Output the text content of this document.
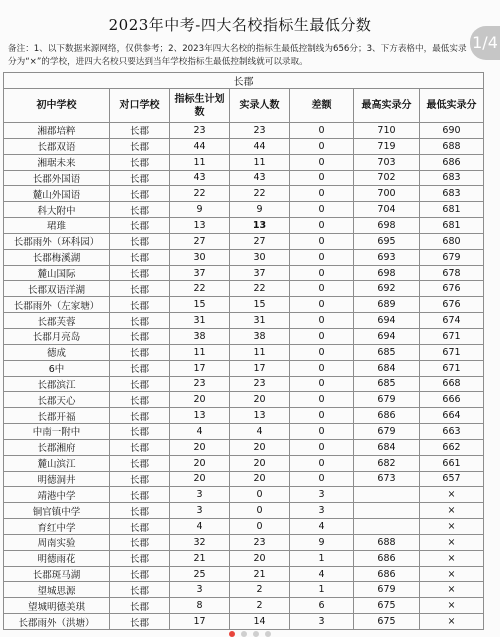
2023年中考-四大名校指标生最低分数
1/4
备注：1、以下数据来源网络，仅供参考；2、2023年四大名校的指标生最低控制线为656分；3、下方表格中，最低实录分为“×”的学校，进四大名校只要达到当年学校指标生最低控制线就可以录取。
长郡						
初中学校	对口学校	指标生计划数	实录人数	差额	最高实录分	最低实录分
湘郡培粹	长郡	23	23	0	710	690
长郡双语	长郡	44	44	0	719	688
湘琚未来	长郡	11	11	0	703	686
长郡外国语	长郡	43	43	0	702	683
麓山外国语	长郡	22	22	0	700	683
科大附中	长郡	9	9	0	704	681
珺琟	长郡	13	13	0	698	681
长郡雨外（环科园）	长郡	27	27	0	695	680
长郡梅溪湖	长郡	30	30	0	693	679
麓山国际	长郡	37	37	0	698	678
长郡双语洋湖	长郡	22	22	0	692	676
长郡雨外（左家塘）	长郡	15	15	0	689	676
长郡芙蓉	长郡	31	31	0	694	674
长郡月亮岛	长郡	38	38	0	694	671
德成	长郡	11	11	0	685	671
6中	长郡	17	17	0	684	671
长郡滨江	长郡	23	23	0	685	668
长郡天心	长郡	20	20	0	679	666
长郡开福	长郡	13	13	0	686	664
中南一附中	长郡	4	4	0	679	663
长郡湘府	长郡	20	20	0	684	662
麓山滨江	长郡	20	20	0	682	661
明德洞井	长郡	20	20	0	673	657
靖港中学	长郡	3	0	3		×
铜官镇中学	长郡	3	0	3		×
育红中学	长郡	4	0	4		×
周南实验	长郡	32	23	9	688	×
明德雨花	长郡	21	20	1	686	×
长郡斑马湖	长郡	25	21	4	686	×
望城思源	长郡	3	2	1	679	×
望城明德美琪	长郡	8	2	6	675	×
长郡雨外（洪塘）	长郡	17	14	3	675	×
